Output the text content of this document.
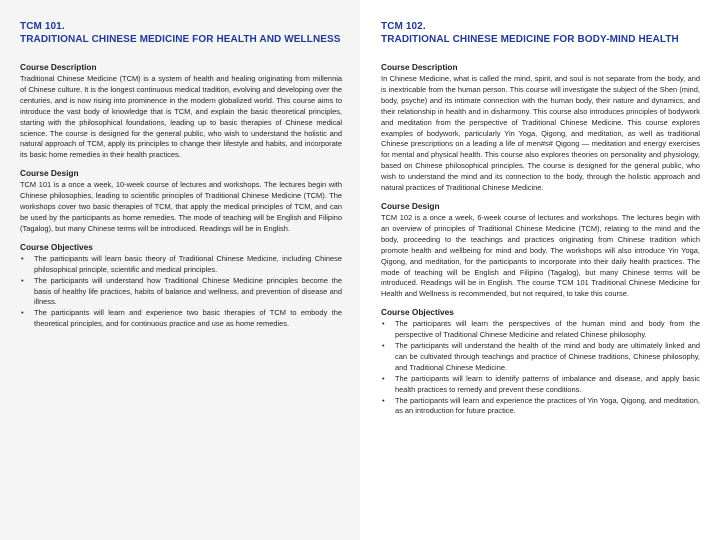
TCM 101.

TRADITIONAL CHINESE MEDICINE FOR HEALTH AND WELLNESS

Course Description

Traditional Chinese Medicine (TCM) is a system of health and healing originating from millennia of Chinese culture. It is the longest continuous medical tradition, evolving and developing over the centuries, and is now rising into prominence in the modern globalized world. This course aims to introduce the vast body of knowledge that is TCM, and explain the basic theoretical principles, starting with the philosophical foundations, leading up to basic therapies of Chinese medical science. The course is designed for the general public, who wish to understand the holistic and natural approach of TCM, apply its principles to change their lifestyle and habits, and incorporate its basic home remedies in their health practices.

Course Design

TCM 101 is a once a week, 10-week course of lectures and workshops. The lectures begin with Chinese philosophies, leading to scientific principles of Traditional Chinese Medicine (TCM). The workshops cover two basic therapies of TCM, that apply the medical principles of TCM, and can be used by the participants as home remedies. The mode of teaching will be English and Filipino (Tagalog), but many Chinese terms will be introduced. Readings will be in English.

Course Objectives

• The participants will learn basic theory of Traditional Chinese Medicine, including Chinese philosophical principle, scientific and medical principles.
• The participants will understand how Traditional Chinese Medicine principles become the basis of healthy life practices, habits of balance and wellness, and prevention of disease and illness.
• The participants will learn and experience two basic therapies of TCM to embody the theoretical principles, and for continuous practice and use as home remedies.

TCM 102.

TRADITIONAL CHINESE MEDICINE FOR BODY-MIND HEALTH

Course Description

In Chinese Medicine, what is called the mind, spirit, and soul is not separate from the body, and is inextricable from the human person. This course will investigate the subject of the Shen (mind, body, psyche) and its intimate connection with the human body, their nature and dynamics, and their relationship in health and in disharmony. This course also introduces principles of bodywork and meditation from the perspective of Traditional Chinese Medicine. This course explores examples of bodywork, particularly Yin Yoga, Qigong, and meditation, as well as traditional Chinese prescriptions on a leading a life of men#s# Qigong — meditation and energy exercises for mental and physical health. This course also explores theories on personality and physiology, based on Chinese philosophical principles. The course is designed for the general public, who wish to understand the mind and its connection to the body, through the holistic approach and natural practices of Traditional Chinese Medicine.

Course Design

TCM 102 is a once a week, 6-week course of lectures and workshops. The lectures begin with an overview of principles of Traditional Chinese Medicine (TCM), relating to the mind and the body, proceeding to the teachings and practices originating from Chinese tradition which promote health and wellbeing for mind and body. The workshops will also introduce Yin Yoga, Qigong, and meditation, for the participants to incorporate into their daily health practices. The mode of teaching will be English and Filipino (Tagalog), but many Chinese terms will be introduced. Readings will be in English. The course TCM 101 Traditional Chinese Medicine for Health and Wellness is recommended, but not required, to take this course.

Course Objectives

• The participants will learn the perspectives of the human mind and body from the perspective of Traditional Chinese Medicine and related Chinese philosophy.
• The participants will understand the health of the mind and body are ultimately linked and can be cultivated through teachings and practice of Chinese traditions, Chinese philosophy, and Traditional Chinese Medicine.
• The participants will learn to identify patterns of imbalance and disease, and apply basic health practices to remedy and prevent these conditions.
• The participants will learn and experience the practices of Yin Yoga, Qigong, and meditation, as an introduction for future practice.
